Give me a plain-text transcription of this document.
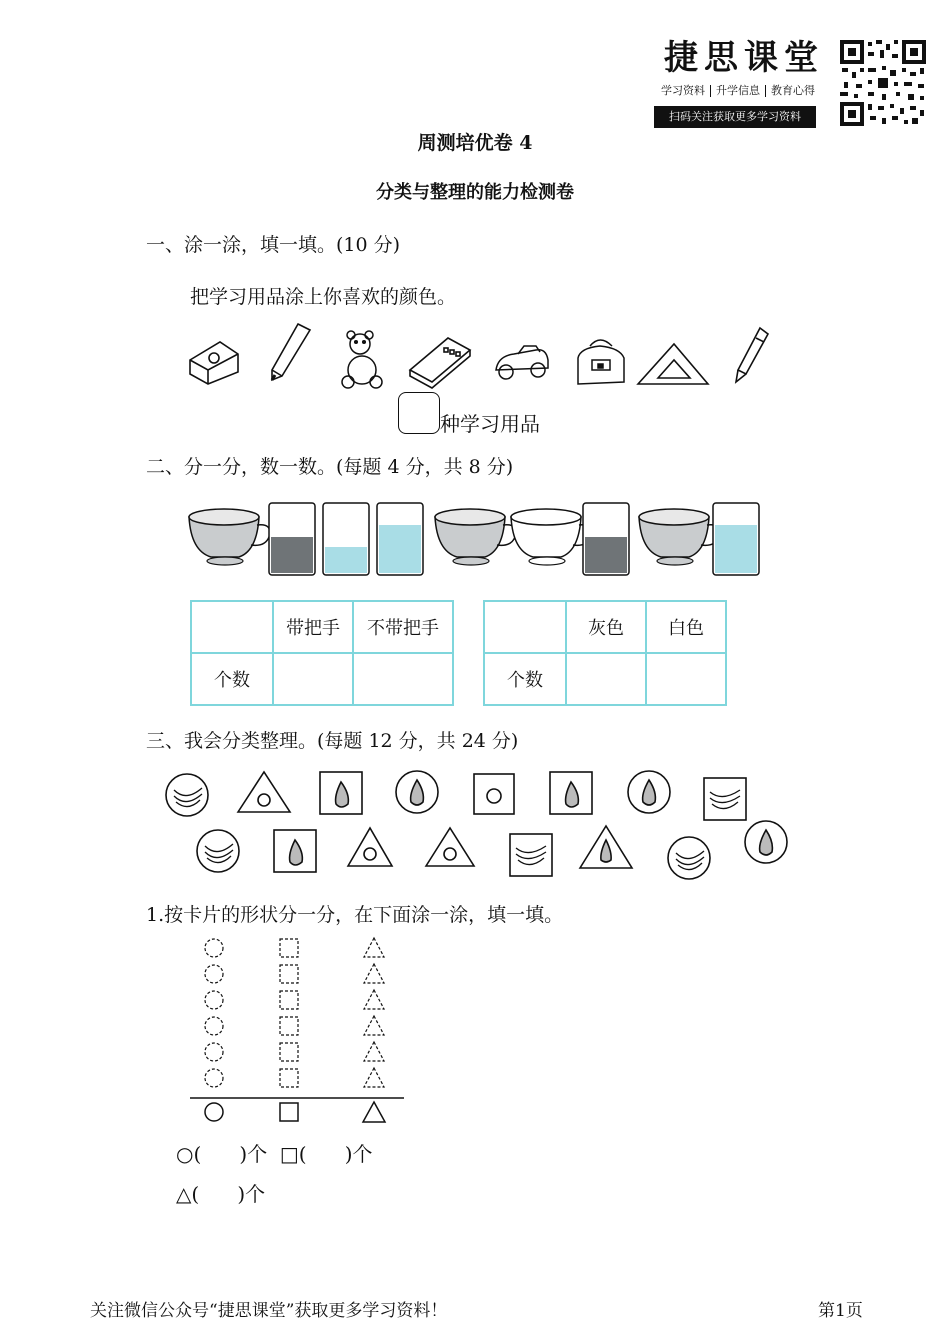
捷思课堂
学习资料 升学信息 教育心得
扫码关注获取更多学习资料
周测培优卷 4
分类与整理的能力检测卷
一、涂一涂，填一填。(10 分)
把学习用品涂上你喜欢的颜色。
种学习用品
二、分一分，数一数。(每题 4 分，共 8 分)
	带把手	不带把手
个数		
	灰色	白色
个数		
三、我会分类整理。(每题 12 分，共 24 分)
1.按卡片的形状分一分，在下面涂一涂，填一填。
○(      )个  □(      )个
△(      )个
关注微信公众号“捷思课堂”获取更多学习资料！	第1页
